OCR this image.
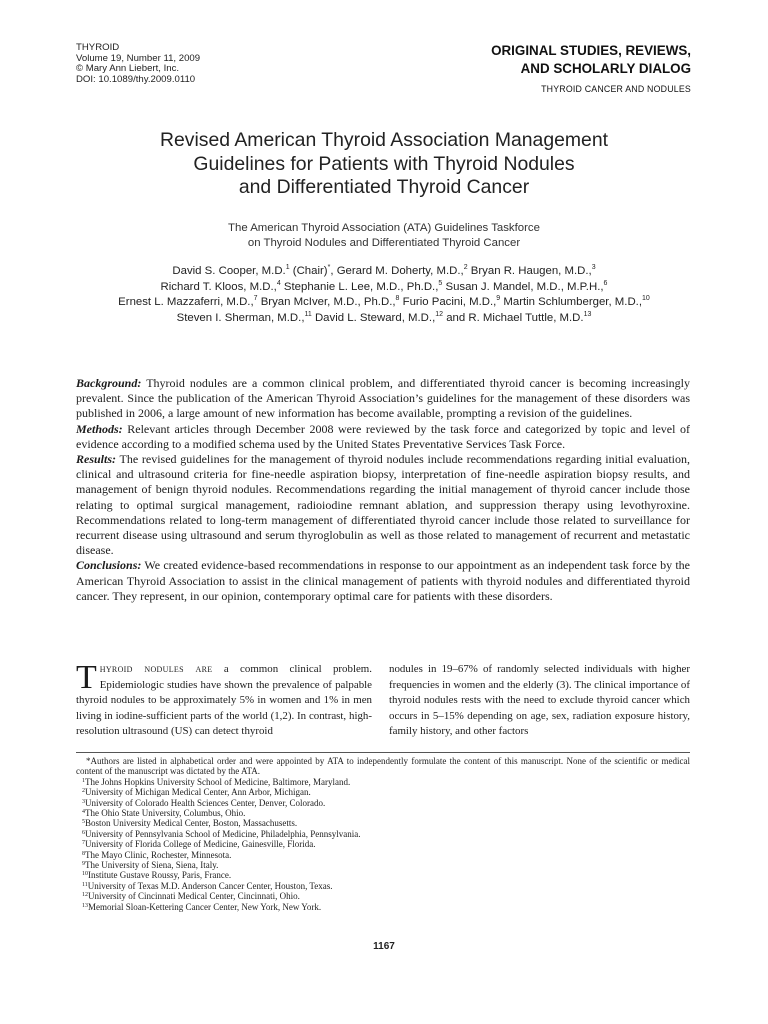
THYROID
Volume 19, Number 11, 2009
© Mary Ann Liebert, Inc.
DOI: 10.1089/thy.2009.0110
ORIGINAL STUDIES, REVIEWS,
AND SCHOLARLY DIALOG
THYROID CANCER AND NODULES
Revised American Thyroid Association Management
Guidelines for Patients with Thyroid Nodules
and Differentiated Thyroid Cancer
The American Thyroid Association (ATA) Guidelines Taskforce
on Thyroid Nodules and Differentiated Thyroid Cancer
David S. Cooper, M.D.$^1$ (Chair)*, Gerard M. Doherty, M.D.,$^2$ Bryan R. Haugen, M.D.,$^3$
Richard T. Kloos, M.D.,$^4$ Stephanie L. Lee, M.D., Ph.D.,$^5$ Susan J. Mandel, M.D., M.P.H.,$^6$
Ernest L. Mazzaferri, M.D.,$^7$ Bryan McIver, M.D., Ph.D.,$^8$ Furio Pacini, M.D.,$^9$ Martin Schlumberger, M.D.,$^{10}$
Steven I. Sherman, M.D.,$^{11}$ David L. Steward, M.D.,$^{12}$ and R. Michael Tuttle, M.D.$^{13}$

Background: Thyroid nodules are a common clinical problem, and differentiated thyroid cancer is becoming increasingly prevalent. Since the publication of the American Thyroid Association’s guidelines for the management of these disorders was published in 2006, a large amount of new information has become available, prompting a revision of the guidelines.

Methods: Relevant articles through December 2008 were reviewed by the task force and categorized by topic and level of evidence according to a modified schema used by the United States Preventative Services Task Force.

Results: The revised guidelines for the management of thyroid nodules include recommendations regarding initial evaluation, clinical and ultrasound criteria for fine-needle aspiration biopsy, interpretation of fine-needle aspiration biopsy results, and management of benign thyroid nodules. Recommendations regarding the initial management of thyroid cancer include those relating to optimal surgical management, radioiodine remnant ablation, and suppression therapy using levothyroxine. Recommendations related to long-term management of differentiated thyroid cancer include those related to surveillance for recurrent disease using ultrasound and serum thyroglobulin as well as those related to management of recurrent and metastatic disease.

Conclusions: We created evidence-based recommendations in response to our appointment as an independent task force by the American Thyroid Association to assist in the clinical management of patients with thyroid nodules and differentiated thyroid cancer. They represent, in our opinion, contemporary optimal care for patients with these disorders.

Thyroid nodules are a common clinical problem. Epidemiologic studies have shown the prevalence of palpable thyroid nodules to be approximately 5% in women and 1% in men living in iodine-sufficient parts of the world (1,2). In contrast, high-resolution ultrasound (US) can detect thyroid
nodules in 19–67% of randomly selected individuals with higher frequencies in women and the elderly (3). The clinical importance of thyroid nodules rests with the need to exclude thyroid cancer which occurs in 5–15% depending on age, sex, radiation exposure history, family history, and other factors

*Authors are listed in alphabetical order and were appointed by ATA to independently formulate the content of this manuscript. None of the scientific or medical content of the manuscript was dictated by the ATA.

$^1$The Johns Hopkins University School of Medicine, Baltimore, Maryland.
$^2$University of Michigan Medical Center, Ann Arbor, Michigan.
$^3$University of Colorado Health Sciences Center, Denver, Colorado.
$^4$The Ohio State University, Columbus, Ohio.
$^5$Boston University Medical Center, Boston, Massachusetts.
$^6$University of Pennsylvania School of Medicine, Philadelphia, Pennsylvania.
$^7$University of Florida College of Medicine, Gainesville, Florida.
$^8$The Mayo Clinic, Rochester, Minnesota.
$^9$The University of Siena, Siena, Italy.
$^{10}$Institute Gustave Roussy, Paris, France.
$^{11}$University of Texas M.D. Anderson Cancer Center, Houston, Texas.
$^{12}$University of Cincinnati Medical Center, Cincinnati, Ohio.
$^{13}$Memorial Sloan-Kettering Cancer Center, New York, New York.
1167
